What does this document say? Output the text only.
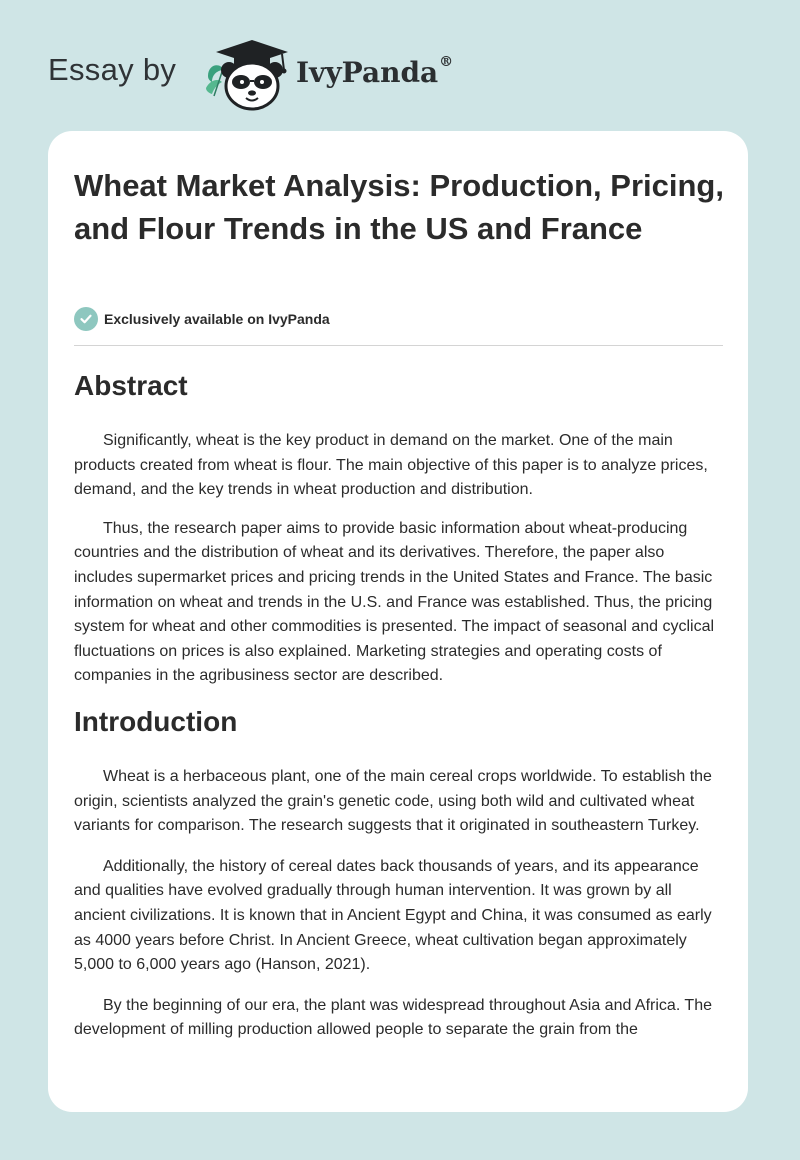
Essay by	IvyPanda®
Wheat Market Analysis: Production, Pricing, and Flour Trends in the US and France
Exclusively available on IvyPanda
Abstract

Significantly, wheat is the key product in demand on the market. One of the main products created from wheat is flour. The main objective of this paper is to analyze prices, demand, and the key trends in wheat production and distribution.

Thus, the research paper aims to provide basic information about wheat-producing countries and the distribution of wheat and its derivatives. Therefore, the paper also includes supermarket prices and pricing trends in the United States and France. The basic information on wheat and trends in the U.S. and France was established. Thus, the pricing system for wheat and other commodities is presented. The impact of seasonal and cyclical fluctuations on prices is also explained. Marketing strategies and operating costs of companies in the agribusiness sector are described.

Introduction

Wheat is a herbaceous plant, one of the main cereal crops worldwide. To establish the origin, scientists analyzed the grain's genetic code, using both wild and cultivated wheat variants for comparison. The research suggests that it originated in southeastern Turkey.

Additionally, the history of cereal dates back thousands of years, and its appearance and qualities have evolved gradually through human intervention. It was grown by all ancient civilizations. It is known that in Ancient Egypt and China, it was consumed as early as 4000 years before Christ. In Ancient Greece, wheat cultivation began approximately 5,000 to 6,000 years ago (Hanson, 2021).

By the beginning of our era, the plant was widespread throughout Asia and Africa. The development of milling production allowed people to separate the grain from the
